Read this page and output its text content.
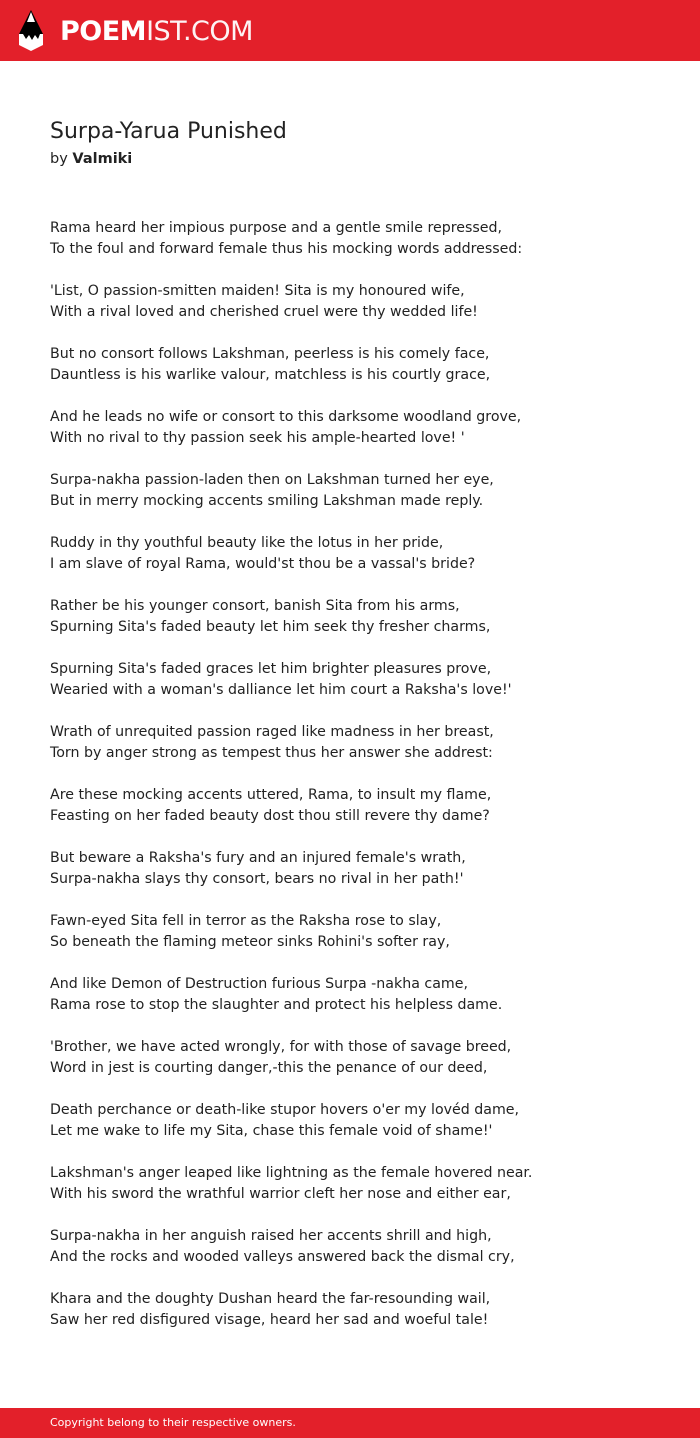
POEM IST.COM
Surpa-Yarua Punished
by Valmiki
Rama heard her impious purpose and a gentle smile repressed,
To the foul and forward female thus his mocking words addressed:
'List, O passion-smitten maiden! Sita is my honoured wife,
With a rival loved and cherished cruel were thy wedded life!
But no consort follows Lakshman, peerless is his comely face,
Dauntless is his warlike valour, matchless is his courtly grace,
And he leads no wife or consort to this darksome woodland grove,
With no rival to thy passion seek his ample-hearted love! '
Surpa-nakha passion-laden then on Lakshman turned her eye,
But in merry mocking accents smiling Lakshman made reply.
Ruddy in thy youthful beauty like the lotus in her pride,
I am slave of royal Rama, would'st thou be a vassal's bride?
Rather be his younger consort, banish Sita from his arms,
Spurning Sita's faded beauty let him seek thy fresher charms,
Spurning Sita's faded graces let him brighter pleasures prove,
Wearied with a woman's dalliance let him court a Raksha's love!'
Wrath of unrequited passion raged like madness in her breast,
Torn by anger strong as tempest thus her answer she addrest:
Are these mocking accents uttered, Rama, to insult my flame,
Feasting on her faded beauty dost thou still revere thy dame?
But beware a Raksha's fury and an injured female's wrath,
Surpa-nakha slays thy consort, bears no rival in her path!'
Fawn-eyed Sita fell in terror as the Raksha rose to slay,
So beneath the flaming meteor sinks Rohini's softer ray,
And like Demon of Destruction furious Surpa -nakha came,
Rama rose to stop the slaughter and protect his helpless dame.
'Brother, we have acted wrongly, for with those of savage breed,
Word in jest is courting danger,-this the penance of our deed,
Death perchance or death-like stupor hovers o'er my lovéd dame,
Let me wake to life my Sita, chase this female void of shame!'
Lakshman's anger leaped like lightning as the female hovered near.
With his sword the wrathful warrior cleft her nose and either ear,
Surpa-nakha in her anguish raised her accents shrill and high,
And the rocks and wooded valleys answered back the dismal cry,
Khara and the doughty Dushan heard the far-resounding wail,
Saw her red disfigured visage, heard her sad and woeful tale!
Copyright belong to their respective owners.
